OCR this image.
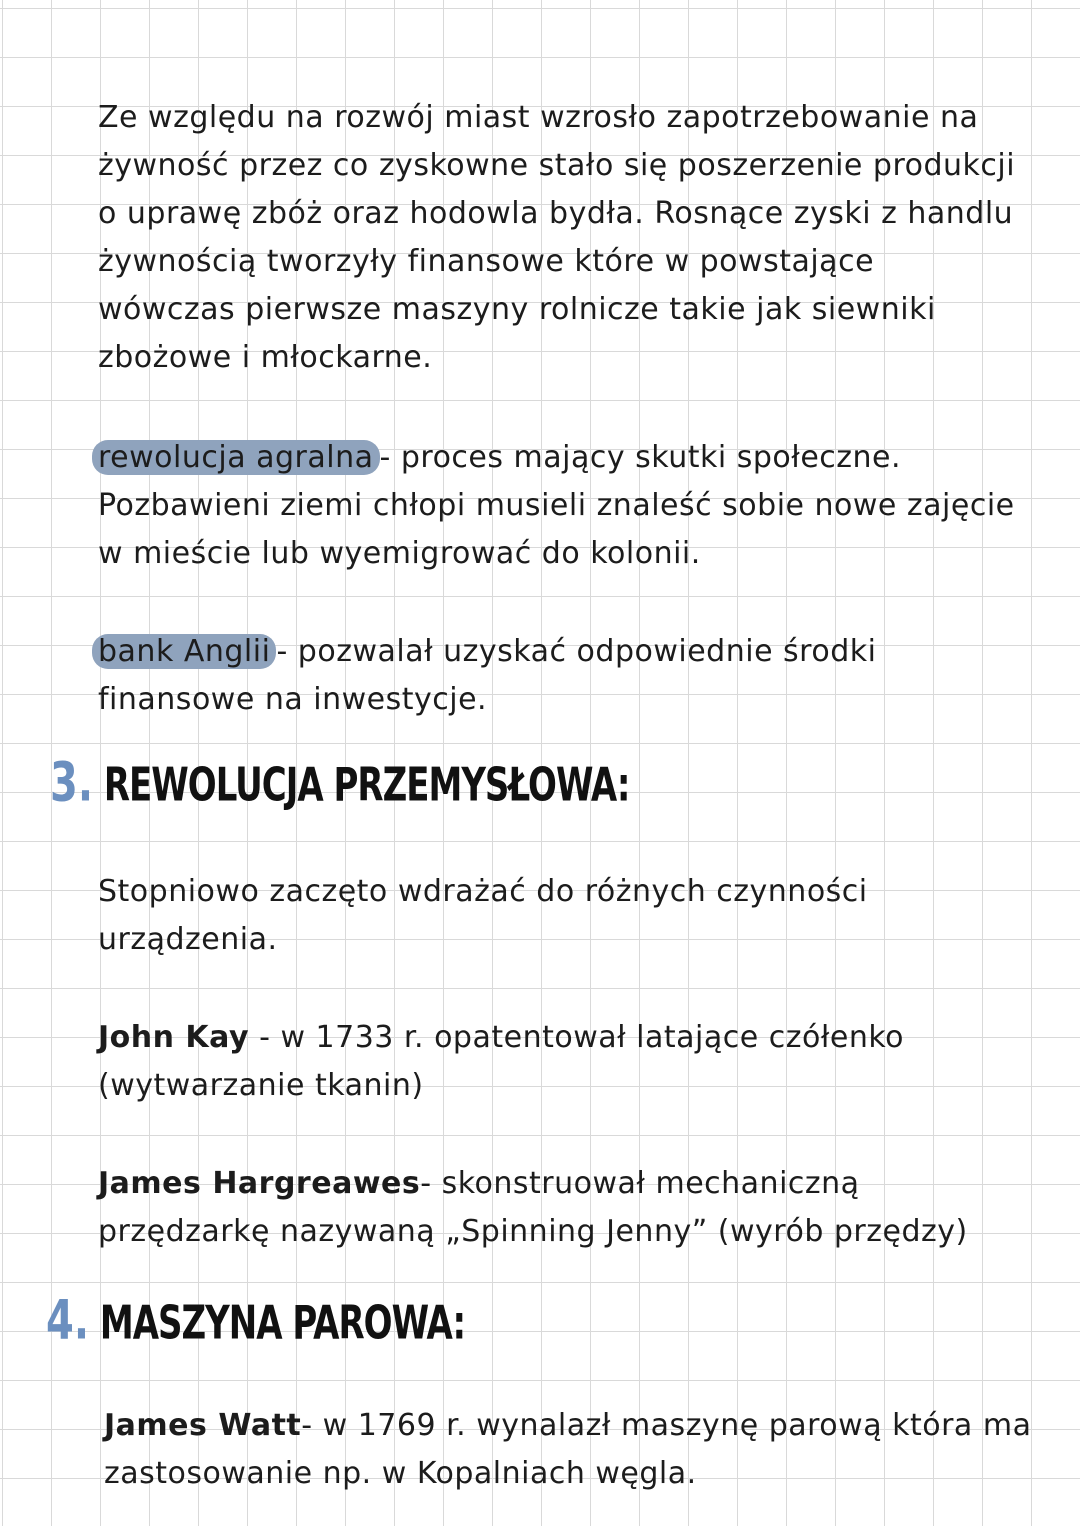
Ze względu na rozwój miast wzrosło zapotrzebowanie na
żywność przez co zyskowne stało się poszerzenie produkcji
o uprawę zbóż oraz hodowla bydła. Rosnące zyski z handlu
żywnością tworzyły finansowe które w powstające
wówczas pierwsze maszyny rolnicze takie jak siewniki
zbożowe i młockarne.
rewolucja agralna - proces mający skutki społeczne.
Pozbawieni ziemi chłopi musieli znaleść sobie nowe zajęcie
w mieście lub wyemigrować do kolonii.
bank Anglii - pozwalał uzyskać odpowiednie środki
finansowe na inwestycje.
3. REWOLUCJA PRZEMYSŁOWA:
Stopniowo zaczęto wdrażać do różnych czynności
urządzenia.
John Kay - w 1733 r. opatentował latające czółenko
(wytwarzanie tkanin)
James Hargreawes- skonstruował mechaniczną
przędzarkę nazywaną „Spinning Jenny” (wyrób przędzy)
4. MASZYNA PAROWA:
James Watt- w 1769 r. wynalazł maszynę parową która ma
zastosowanie np. w Kopalniach węgla.
